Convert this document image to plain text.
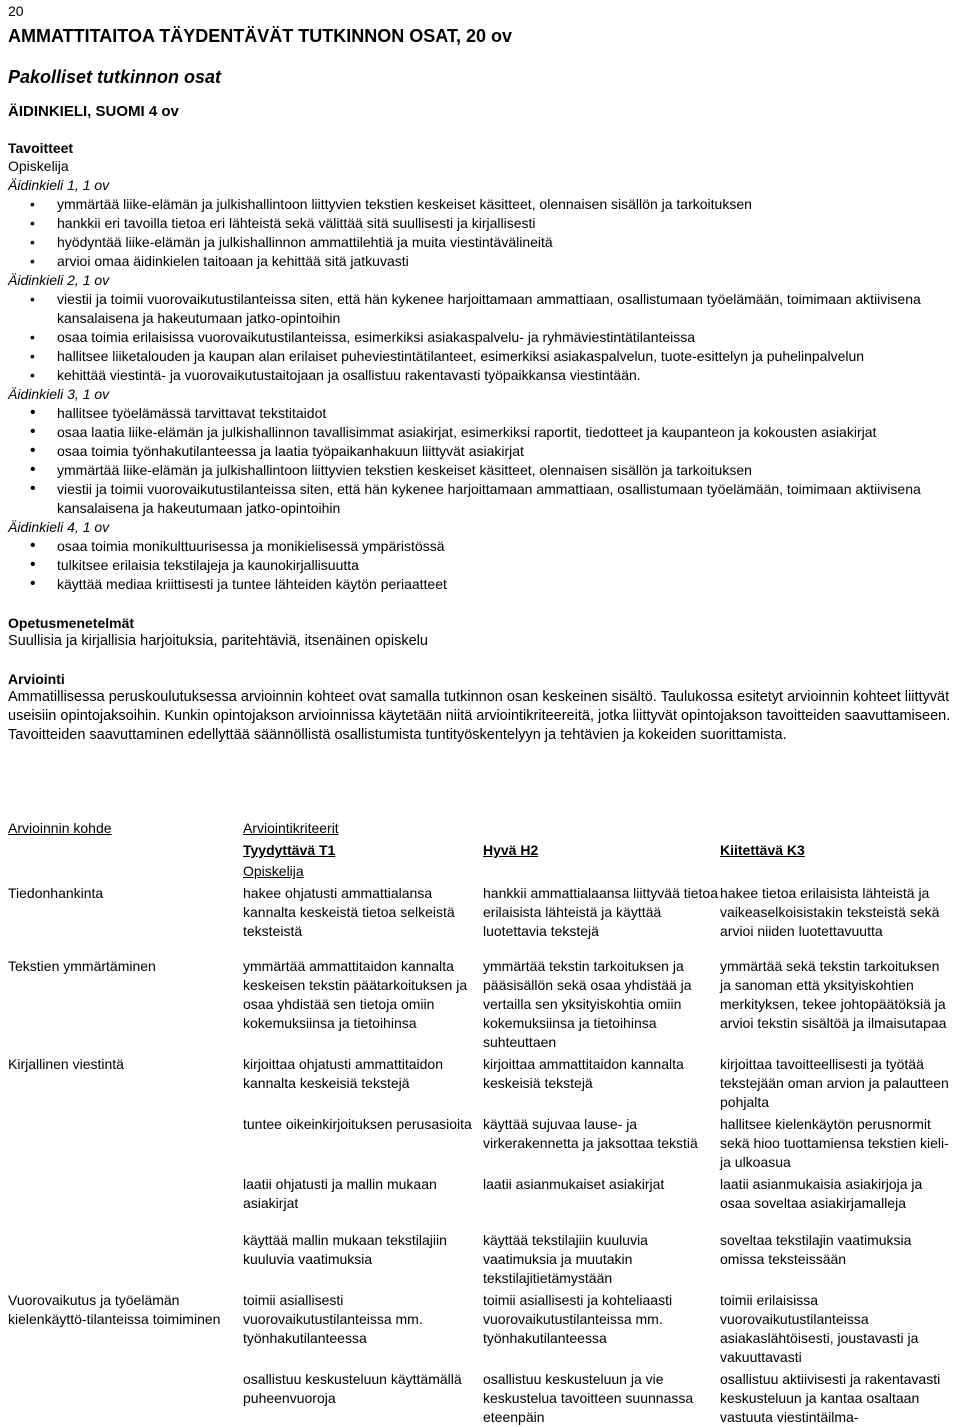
20
AMMATTITAITOA TÄYDENTÄVÄT TUTKINNON OSAT, 20 ov
Pakolliset tutkinnon osat
ÄIDINKIELI, SUOMI 4 ov
Tavoitteet
Opiskelija
Äidinkieli 1, 1 ov
• ymmärtää liike-elämän ja julkishallintoon liittyvien tekstien keskeiset käsitteet, olennaisen sisällön ja tarkoituksen
• hankkii eri tavoilla tietoa eri lähteistä sekä välittää sitä suullisesti ja kirjallisesti
• hyödyntää liike-elämän ja julkishallinnon ammattilehtiä ja muita viestintävälineitä
• arvioi omaa äidinkielen taitoaan ja kehittää sitä jatkuvasti
Äidinkieli 2, 1 ov
• viestii ja toimii vuorovaikutustilanteissa siten, että hän kykenee harjoittamaan ammattiaan, osallistumaan työelämään, toimimaan aktiivisena kansalaisena ja hakeutumaan jatko-opintoihin
• osaa toimia erilaisissa vuorovaikutustilanteissa, esimerkiksi asiakaspalvelu- ja ryhmäviestintätilanteissa
• hallitsee liiketalouden ja kaupan alan erilaiset puheviestintätilanteet, esimerkiksi asiakaspalvelun, tuote-esittelyn ja puhelinpalvelun
• kehittää viestintä- ja vuorovaikutustaitojaan ja osallistuu rakentavasti työpaikkansa viestintään.
Äidinkieli 3, 1 ov
• hallitsee työelämässä tarvittavat tekstitaidot
• osaa laatia liike-elämän ja julkishallinnon tavallisimmat asiakirjat, esimerkiksi raportit, tiedotteet ja kaupanteon ja kokousten asiakirjat
• osaa toimia työnhakutilanteessa ja laatia työpaikanhakuun liittyvät asiakirjat
• ymmärtää liike-elämän ja julkishallintoon liittyvien tekstien keskeiset käsitteet, olennaisen sisällön ja tarkoituksen
• viestii ja toimii vuorovaikutustilanteissa siten, että hän kykenee harjoittamaan ammattiaan, osallistumaan työelämään, toimimaan aktiivisena kansalaisena ja hakeutumaan jatko-opintoihin
Äidinkieli 4, 1 ov
• osaa toimia monikulttuurisessa ja monikielisessä ympäristössä
• tulkitsee erilaisia tekstilajeja ja kaunokirjallisuutta
• käyttää mediaa kriittisesti ja tuntee lähteiden käytön periaatteet
Opetusmenetelmät
Suullisia ja kirjallisia harjoituksia, paritehtäviä, itsenäinen opiskelu
Arviointi
Ammatillisessa peruskoulutuksessa arvioinnin kohteet ovat samalla tutkinnon osan keskeinen sisältö. Taulukossa esitetyt arvioinnin kohteet liittyvät useisiin opintojaksoihin. Kunkin opintojakson arvioinnissa käytetään niitä arviointikriteereitä, jotka liittyvät opintojakson tavoitteiden saavuttamiseen. Tavoitteiden saavuttaminen edellyttää säännöllistä osallistumista tuntityöskentelyyn ja tehtävien ja kokeiden suorittamista.
Arvioinnin kohde	Arviointikriteerit		
	Tyydyttävä T1	Hyvä H2	Kiitettävä K3
	Opiskelija		
Tiedonhankinta	hakee ohjatusti ammattialansa kannalta keskeistä tietoa selkeistä teksteistä	hankkii ammattialaansa liittyvää tietoa erilaisista lähteistä ja käyttää luotettavia tekstejä	hakee tietoa erilaisista lähteistä ja vaikeaselkoisistakin teksteistä sekä arvioi niiden luotettavuutta
Tekstien ymmärtäminen	ymmärtää ammattitaidon kannalta keskeisen tekstin päätarkoituksen ja osaa yhdistää sen tietoja omiin kokemuksiinsa ja tietoihinsa	ymmärtää tekstin tarkoituksen ja pääsisällön sekä osaa yhdistää ja vertailla sen yksityiskohtia omiin kokemuksiinsa ja tietoihinsa suhteuttaen	ymmärtää sekä tekstin tarkoituksen ja sanoman että yksityiskohtien merkityksen, tekee johtopäätöksiä ja arvioi tekstin sisältöä ja ilmaisutapaa
Kirjallinen viestintä	kirjoittaa ohjatusti ammattitaidon kannalta keskeisiä tekstejä	kirjoittaa ammattitaidon kannalta keskeisiä tekstejä	kirjoittaa tavoitteellisesti ja työtää tekstejään oman arvion ja palautteen pohjalta
	tuntee oikeinkirjoituksen perusasioita	käyttää sujuvaa lause- ja virkerakennetta ja jaksottaa tekstiä	hallitsee kielenkäytön perusnormit sekä hioo tuottamiensa tekstien kieli- ja ulkoasua
	laatii ohjatusti ja mallin mukaan asiakirjat	laatii asianmukaiset asiakirjat	laatii asianmukaisia asiakirjoja ja osaa soveltaa asiakirjamalleja
	käyttää mallin mukaan tekstilajiin kuuluvia vaatimuksia	käyttää tekstilajiin kuuluvia vaatimuksia ja muutakin tekstilajitietämystään	soveltaa tekstilajin vaatimuksia omissa teksteissään
Vuorovaikutus ja työelämän kielenkäyttö-tilanteissa toimiminen	toimii asiallisesti vuorovaikutustilanteissa mm. työnhakutilanteessa	toimii asiallisesti ja kohteliaasti vuorovaikutustilanteissa mm. työnhakutilanteessa	toimii erilaisissa vuorovaikutustilanteissa asiakaslähtöisesti, joustavasti ja vakuuttavasti
	osallistuu keskusteluun käyttämällä puheenvuoroja	osallistuu keskusteluun ja vie keskustelua tavoitteen suunnassa eteenpäin	osallistuu aktiivisesti ja rakentavasti keskusteluun ja kantaa osaltaan vastuuta viestintäilma-
